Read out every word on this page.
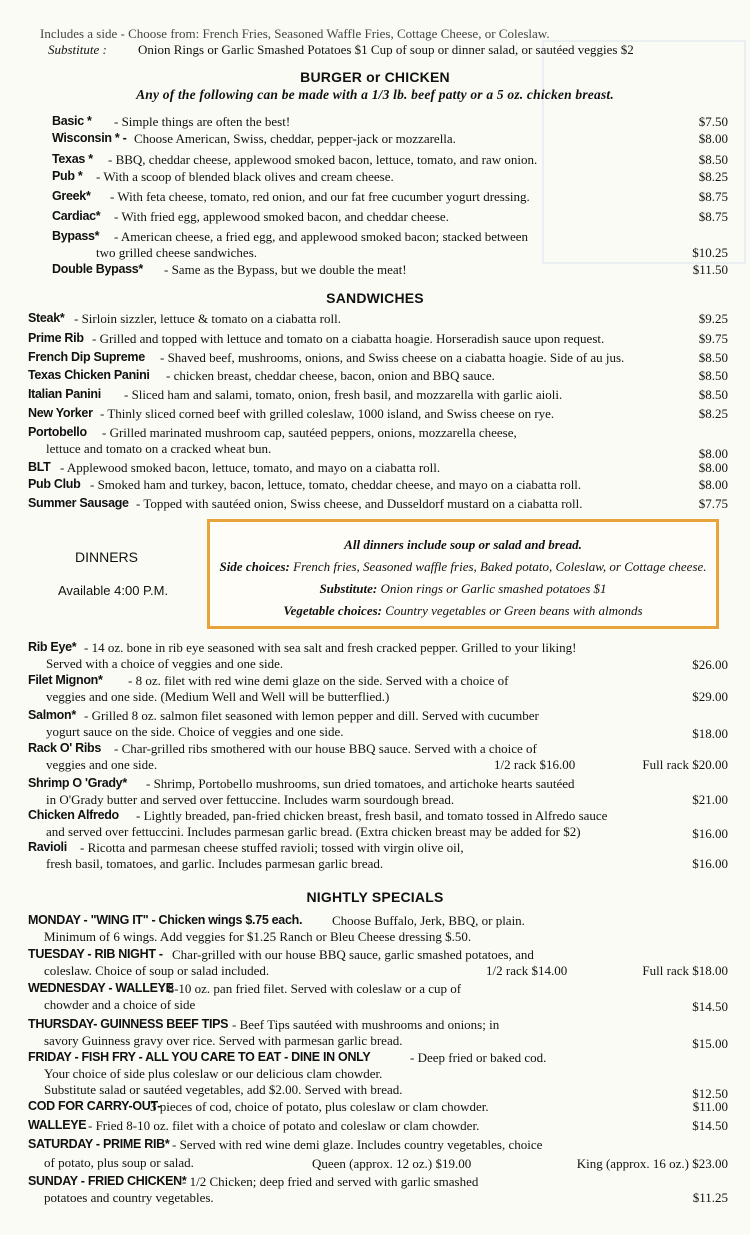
Includes a side - Choose from: French Fries, Seasoned Waffle Fries, Cottage Cheese, or Coleslaw.
Substitute : Onion Rings or Garlic Smashed Potatoes $1 Cup of soup or dinner salad, or sautéed veggies $2
BURGER or CHICKEN
Any of the following can be made with a 1/3 lb. beef patty or a 5 oz. chicken breast.
Basic * - Simple things are often the best!	$7.50
Wisconsin * - Choose American, Swiss, cheddar, pepper-jack or mozzarella.	$8.00
Texas * - BBQ, cheddar cheese, applewood smoked bacon, lettuce, tomato, and raw onion.	$8.50
Pub * - With a scoop of blended black olives and cream cheese.	$8.25
Greek* - With feta cheese, tomato, red onion, and our fat free cucumber yogurt dressing.	$8.75
Cardiac* - With fried egg, applewood smoked bacon, and cheddar cheese.	$8.75
Bypass* - American cheese, a fried egg, and applewood smoked bacon; stacked between
two grilled cheese sandwiches.	$10.25
Double Bypass* - Same as the Bypass, but we double the meat!	$11.50
Steak* - Sirloin sizzler, lettuce & tomato on a ciabatta roll.	$9.25
Prime Rib - Grilled and topped with lettuce and tomato on a ciabatta hoagie. Horseradish sauce upon request.	$9.75
French Dip Supreme - Shaved beef, mushrooms, onions, and Swiss cheese on a ciabatta hoagie. Side of au jus.	$8.50
Texas Chicken Panini - chicken breast, cheddar cheese, bacon, onion and BBQ sauce.	$8.50
Italian Panini - Sliced ham and salami, tomato, onion, fresh basil, and mozzarella with garlic aioli.	$8.50
New Yorker - Thinly sliced corned beef with grilled coleslaw, 1000 island, and Swiss cheese on rye.	$8.25
Portobello - Grilled marinated mushroom cap, sautéed peppers, onions, mozzarella cheese,
lettuce and tomato on a cracked wheat bun.	$8.00
BLT - Applewood smoked bacon, lettuce, tomato, and mayo on a ciabatta roll.	$8.00
Pub Club - Smoked ham and turkey, bacon, lettuce, tomato, cheddar cheese, and mayo on a ciabatta roll.	$8.00
Summer Sausage - Topped with sautéed onion, Swiss cheese, and Dusseldorf mustard on a ciabatta roll.	$7.75
SANDWICHES
DINNERS
Available 4:00 P.M.
All dinners include soup or salad and bread.
Side choices: French fries, Seasoned waffle fries, Baked potato, Coleslaw, or Cottage cheese.
Substitute: Onion rings or Garlic smashed potatoes $1
Vegetable choices: Country vegetables or Green beans with almonds
Rib Eye* - 14 oz. bone in rib eye seasoned with sea salt and fresh cracked pepper. Grilled to your liking!
Served with a choice of veggies and one side.	$26.00
Filet Mignon* - 8 oz. filet with red wine demi glaze on the side. Served with a choice of
veggies and one side. (Medium Well and Well will be butterflied.)	$29.00
Salmon* - Grilled 8 oz. salmon filet seasoned with lemon pepper and dill. Served with cucumber
yogurt sauce on the side. Choice of veggies and one side.	$18.00
Rack O' Ribs - Char-grilled ribs smothered with our house BBQ sauce. Served with a choice of
veggies and one side.	1/2 rack $16.00	Full rack $20.00
Shrimp O 'Grady* - Shrimp, Portobello mushrooms, sun dried tomatoes, and artichoke hearts sautéed
in O'Grady butter and served over fettuccine. Includes warm sourdough bread.	$21.00
Chicken Alfredo - Lightly breaded, pan-fried chicken breast, fresh basil, and tomato tossed in Alfredo sauce
and served over fettuccini. Includes parmesan garlic bread. (Extra chicken breast may be added for $2)	$16.00
Ravioli - Ricotta and parmesan cheese stuffed ravioli; tossed with virgin olive oil,
fresh basil, tomatoes, and garlic. Includes parmesan garlic bread.	$16.00
NIGHTLY SPECIALS
MONDAY - "WING IT" - Chicken wings $.75 each. Choose Buffalo, Jerk, BBQ, or plain.
Minimum of 6 wings. Add veggies for $1.25 Ranch or Bleu Cheese dressing $.50.
TUESDAY - RIB NIGHT - Char-grilled with our house BBQ sauce, garlic smashed potatoes, and
coleslaw. Choice of soup or salad included.	1/2 rack $14.00	Full rack $18.00
WEDNESDAY - WALLEYE
- 8-10 oz. pan fried filet. Served with coleslaw or a cup of
chowder and a choice of side	$14.50
THURSDAY- GUINNESS BEEF TIPS - Beef Tips sautéed with mushrooms and onions; in
savory Guinness gravy over rice. Served with parmesan garlic bread.	$15.00
FRIDAY - FISH FRY - ALL YOU CARE TO EAT - DINE IN ONLY	- Deep fried or baked cod.
Your choice of side plus coleslaw or our delicious clam chowder.
Substitute salad or sautéed vegetables, add $2.00. Served with bread.	$12.50
COD FOR CARRY-OUT-
3 pieces of cod, choice of potato, plus coleslaw or clam chowder.	$11.00
WALLEYE - Fried 8-10 oz. filet with a choice of potato and coleslaw or clam chowder.	$14.50
SATURDAY - PRIME RIB* - Served with red wine demi glaze. Includes country vegetables, choice
of potato, plus soup or salad.	Queen (approx. 12 oz.) $19.00	King (approx. 16 oz.) $23.00
SUNDAY - FRIED CHICKEN*
- 1/2 Chicken; deep fried and served with garlic smashed
potatoes and country vegetables.	$11.25
